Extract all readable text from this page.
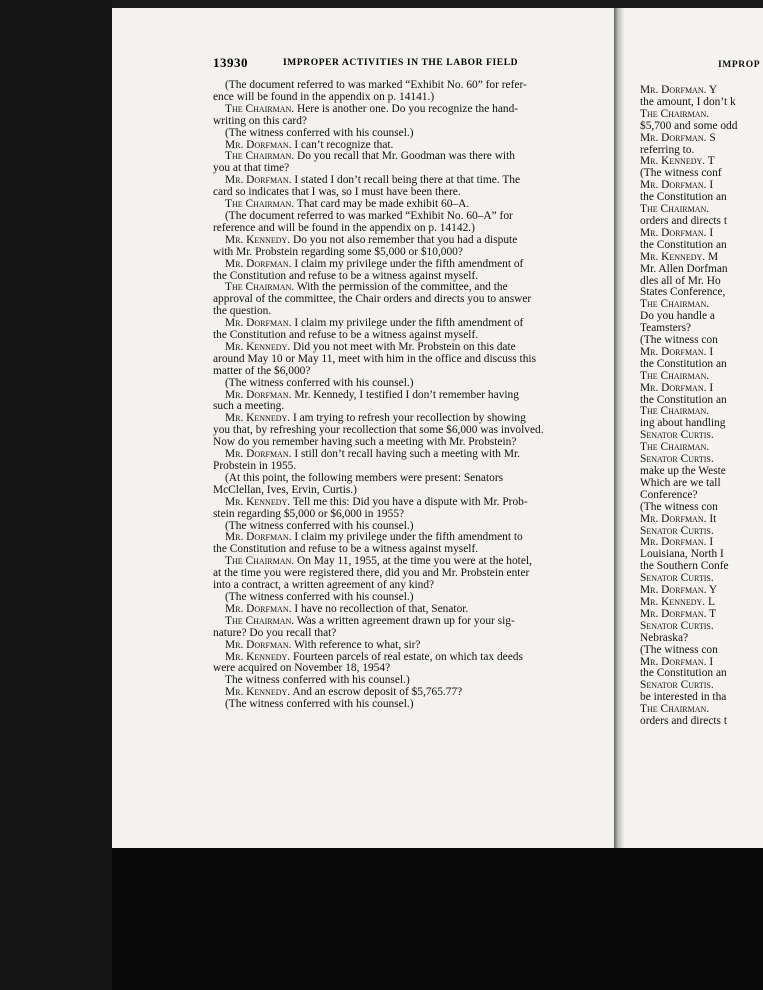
13930	IMPROPER ACTIVITIES IN THE LABOR FIELD

(The document referred to was marked “Exhibit No. 60” for refer-

ence will be found in the appendix on p. 14141.)

The Chairman. Here is another one. Do you recognize the hand-

writing on this card?

(The witness conferred with his counsel.)

Mr. Dorfman. I can’t recognize that.

The Chairman. Do you recall that Mr. Goodman was there with

you at that time?

Mr. Dorfman. I stated I don’t recall being there at that time. The

card so indicates that I was, so I must have been there.

The Chairman. That card may be made exhibit 60–A.

(The document referred to was marked “Exhibit No. 60–A” for

reference and will be found in the appendix on p. 14142.)

Mr. Kennedy. Do you not also remember that you had a dispute

with Mr. Probstein regarding some $5,000 or $10,000?

Mr. Dorfman. I claim my privilege under the fifth amendment of

the Constitution and refuse to be a witness against myself.

The Chairman. With the permission of the committee, and the

approval of the committee, the Chair orders and directs you to answer

the question.

Mr. Dorfman. I claim my privilege under the fifth amendment of

the Constitution and refuse to be a witness against myself.

Mr. Kennedy. Did you not meet with Mr. Probstein on this date

around May 10 or May 11, meet with him in the office and discuss this

matter of the $6,000?

(The witness conferred with his counsel.)

Mr. Dorfman. Mr. Kennedy, I testified I don’t remember having

such a meeting.

Mr. Kennedy. I am trying to refresh your recollection by showing

you that, by refreshing your recollection that some $6,000 was involved.

Now do you remember having such a meeting with Mr. Probstein?

Mr. Dorfman. I still don’t recall having such a meeting with Mr.

Probstein in 1955.

(At this point, the following members were present: Senators

McClellan, Ives, Ervin, Curtis.)

Mr. Kennedy. Tell me this: Did you have a dispute with Mr. Prob-

stein regarding $5,000 or $6,000 in 1955?

(The witness conferred with his counsel.)

Mr. Dorfman. I claim my privilege under the fifth amendment to

the Constitution and refuse to be a witness against myself.

The Chairman. On May 11, 1955, at the time you were at the hotel,

at the time you were registered there, did you and Mr. Probstein enter

into a contract, a written agreement of any kind?

(The witness conferred with his counsel.)

Mr. Dorfman. I have no recollection of that, Senator.

The Chairman. Was a written agreement drawn up for your sig-

nature? Do you recall that?

Mr. Dorfman. With reference to what, sir?

Mr. Kennedy. Fourteen parcels of real estate, on which tax deeds

were acquired on November 18, 1954?

The witness conferred with his counsel.)

Mr. Kennedy. And an escrow deposit of $5,765.77?

(The witness conferred with his counsel.)

IMPROP

Mr. Dorfman. Y

the amount, I don’t k

The Chairman.

$5,700 and some odd

Mr. Dorfman. S

referring to.

Mr. Kennedy. T

(The witness conf

Mr. Dorfman. I

the Constitution an

The Chairman.

orders and directs t

Mr. Dorfman. I

the Constitution an

Mr. Kennedy. M

Mr. Allen Dorfman

dles all of Mr. Ho

States Conference,

The Chairman.

Do you handle a

Teamsters?

(The witness con

Mr. Dorfman. I

the Constitution an

The Chairman.

Mr. Dorfman. I

the Constitution an

The Chairman.

ing about handling

Senator Curtis.

The Chairman.

Senator Curtis.

make up the Weste

Which are we tall

Conference?

(The witness con

Mr. Dorfman. It

Senator Curtis.

Mr. Dorfman. I

Louisiana, North I

the Southern Confe

Senator Curtis.

Mr. Dorfman. Y

Mr. Kennedy. L

Mr. Dorfman. T

Senator Curtis.

Nebraska?

(The witness con

Mr. Dorfman. I

the Constitution an

Senator Curtis.

be interested in tha

The Chairman.

orders and directs t
